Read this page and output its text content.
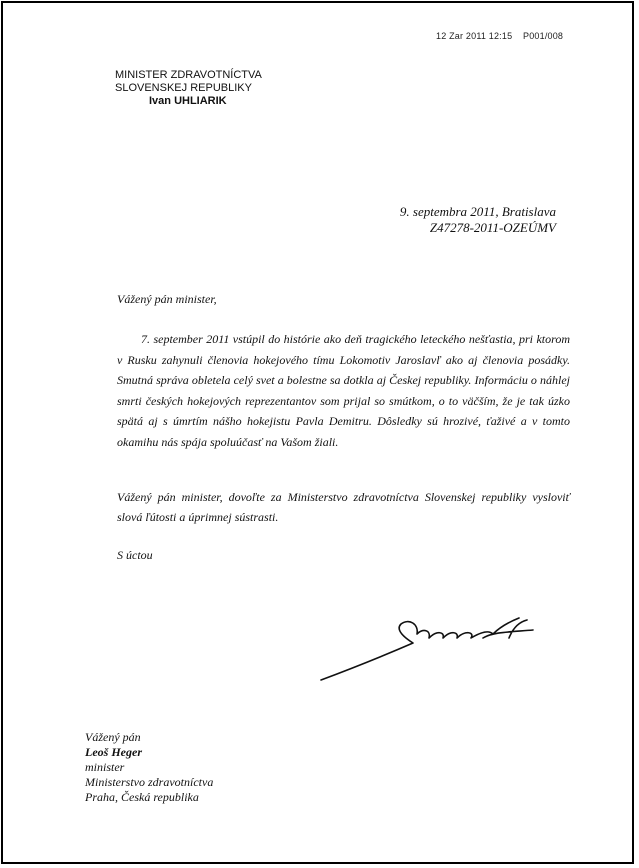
12 Zar 2011 12:15 P001/008
MINISTER ZDRAVOTNÍCTVA
SLOVENSKEJ REPUBLIKY
Ivan UHLIARIK
9. septembra 2011, Bratislava
Z47278-2011-OZEÚMV
Vážený pán minister,
7. september 2011 vstúpil do histórie ako deň tragického leteckého nešťastia, pri ktorom v Rusku zahynuli členovia hokejového tímu Lokomotiv Jaroslavľ ako aj členovia posádky. Smutná správa obletela celý svet a bolestne sa dotkla aj Českej republiky. Informáciu o náhlej smrti českých hokejových reprezentantov som prijal so smútkom, o to väčším, že je tak úzko spätá aj s úmrtím nášho hokejistu Pavla Demitru. Dôsledky sú hrozivé, ťaživé a v tomto okamihu nás spája spoluúčasť na Vašom žiali.
Vážený pán minister, dovoľte za Ministerstvo zdravotníctva Slovenskej republiky vysloviť slová ľútosti a úprimnej sústrasti.
S úctou
Vážený pán
Leoš Heger
minister
Ministerstvo zdravotníctva
Praha, Česká republika
